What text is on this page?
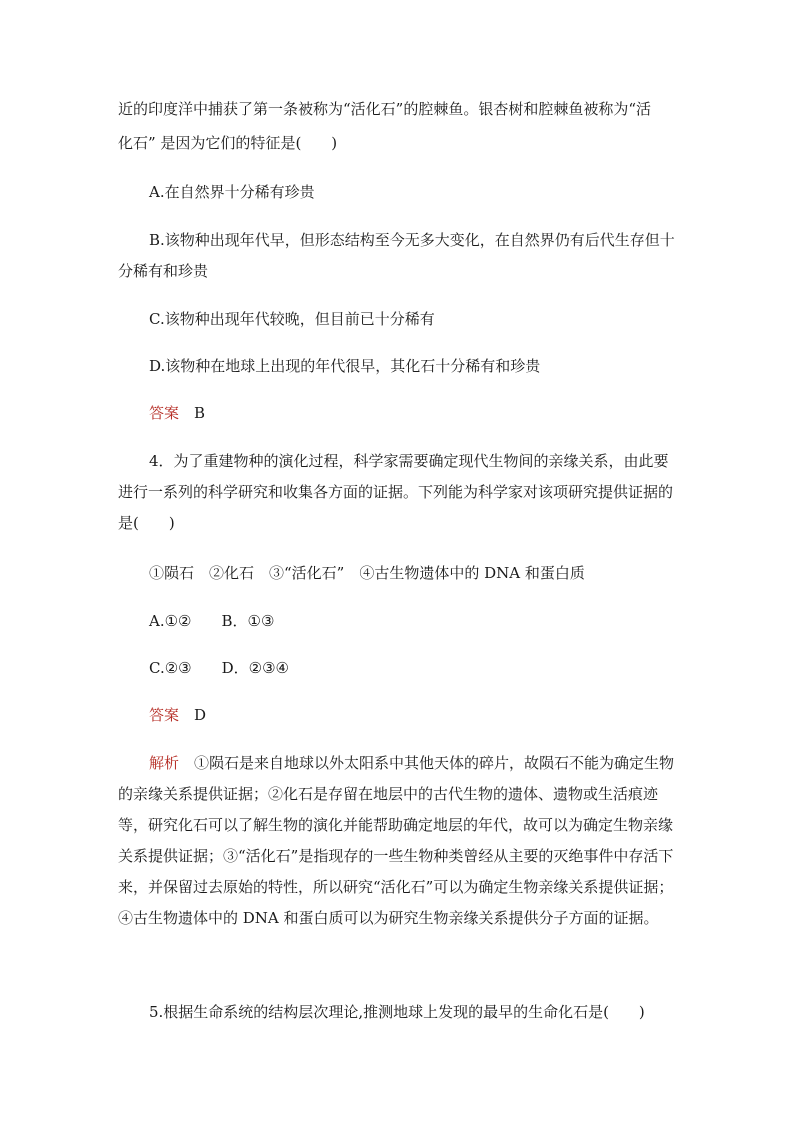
近的印度洋中捕获了第一条被称为“活化石”的腔棘鱼。银杏树和腔棘鱼被称为“活

化石” 是因为它们的特征是(　　)

A.在自然界十分稀有珍贵

B.该物种出现年代早，但形态结构至今无多大变化，在自然界仍有后代生存但十分稀有和珍贵

C.该物种出现年代较晚，但目前已十分稀有

D.该物种在地球上出现的年代很早，其化石十分稀有和珍贵

答案　 B

4．为了重建物种的演化过程，科学家需要确定现代生物间的亲缘关系，由此要进行一系列的科学研究和收集各方面的证据。下列能为科学家对该项研究提供证据的是(　　)

①陨石　②化石　③“活化石”　④古生物遗体中的 DNA 和蛋白质

A.①②　　B．①③

C.②③　　D．②③④

答案　 D

解析　 ①陨石是来自地球以外太阳系中其他天体的碎片，故陨石不能为确定生物的亲缘关系提供证据；②化石是存留在地层中的古代生物的遗体、遗物或生活痕迹等，研究化石可以了解生物的演化并能帮助确定地层的年代，故可以为确定生物亲缘关系提供证据；③“活化石”是指现存的一些生物种类曾经从主要的灭绝事件中存活下来，并保留过去原始的特性，所以研究“活化石”可以为确定生物亲缘关系提供证据；④古生物遗体中的 DNA 和蛋白质可以为研究生物亲缘关系提供分子方面的证据。

5.根据生命系统的结构层次理论,推测地球上发现的最早的生命化石是(　　)
